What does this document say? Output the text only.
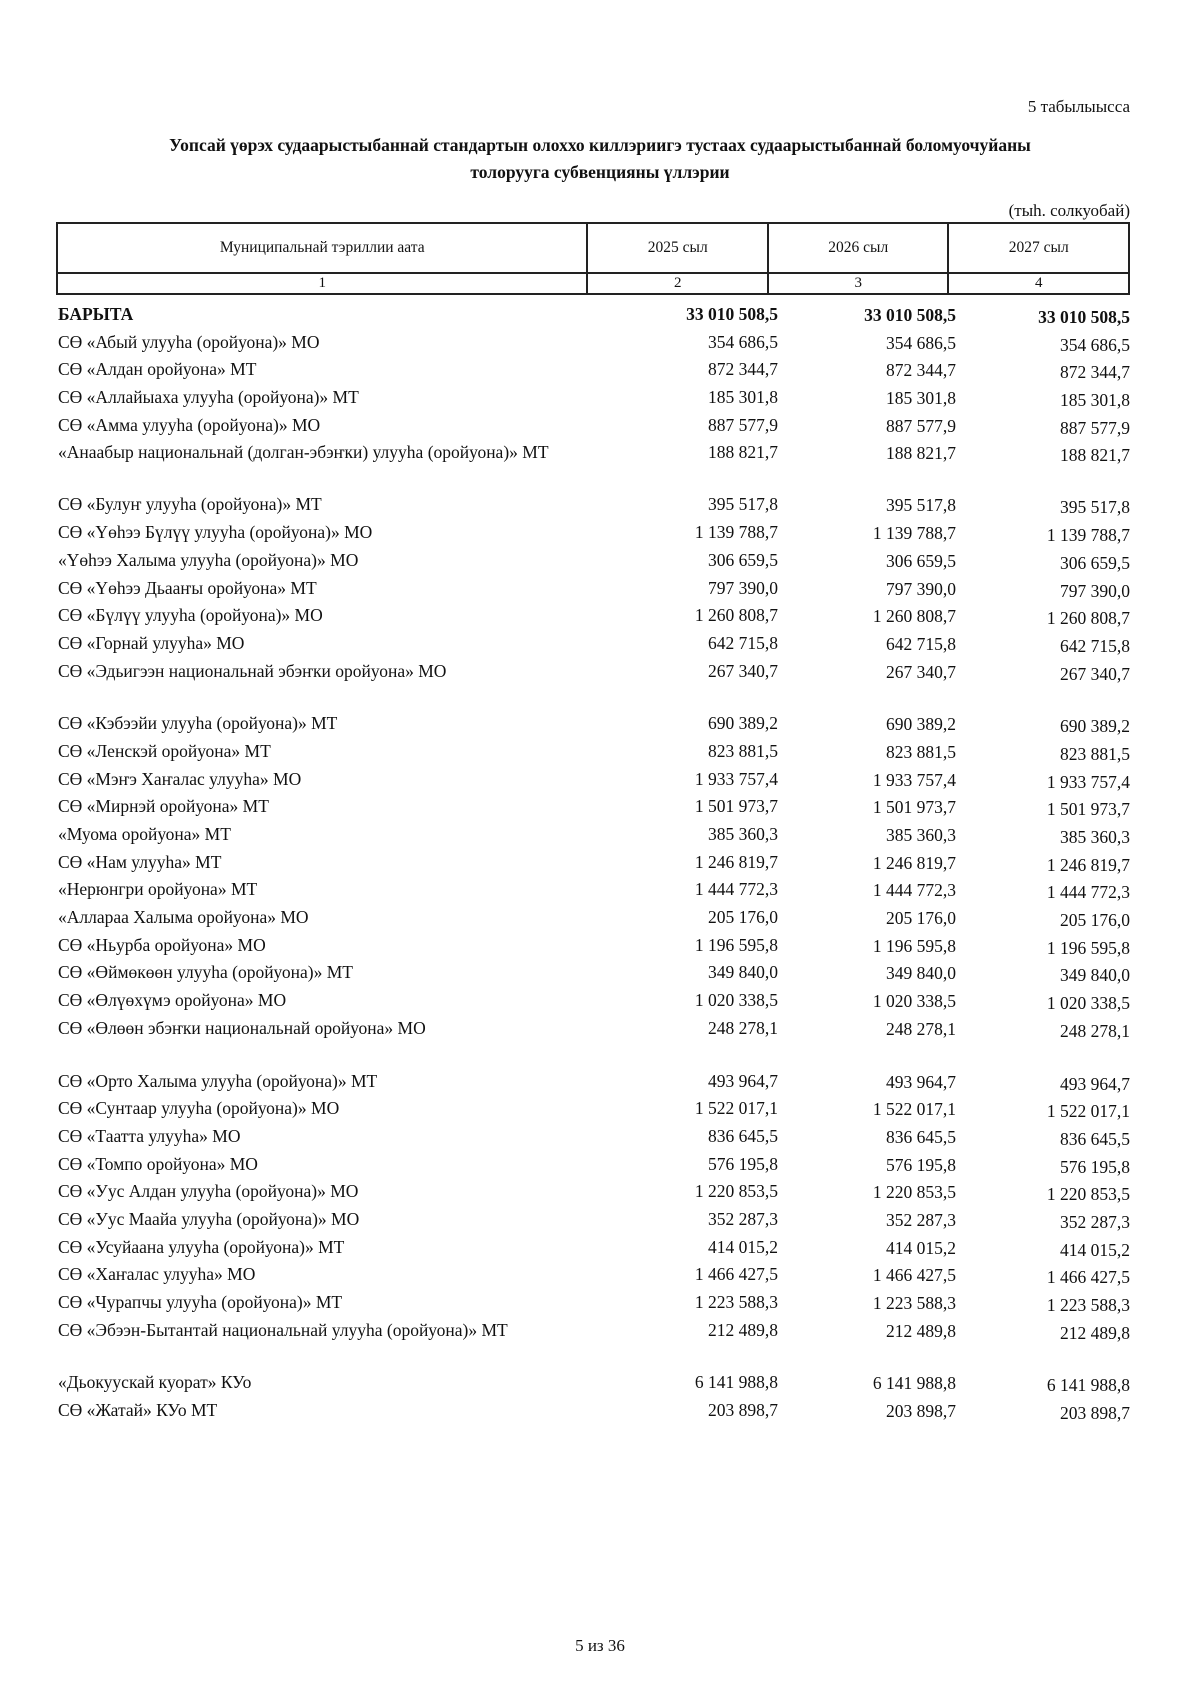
5 табылыысса
Уопсай үөрэх судаарыстыбаннай стандартын олоххо киллэриигэ тустаах судаарыстыбаннай боломуочуйаны
толорууга субвенцияны үллэрии
(тыһ. солкуобай)
Муниципальнай тэриллии аата	2025 сыл	2026 сыл	2027 сыл
1	2	3	4
БАРЫТА	33 010 508,5	33 010 508,5	33 010 508,5
СӨ «Абый улууһа (оройуона)» МО	354 686,5	354 686,5	354 686,5
СӨ «Алдан оройуона» МТ	872 344,7	872 344,7	872 344,7
СӨ «Аллайыаха улууһа (оройуона)» МТ	185 301,8	185 301,8	185 301,8
СӨ «Амма улууһа (оройуона)» МО	887 577,9	887 577,9	887 577,9
«Анаабыр национальнай (долган-эбэҥки) улууһа (оройуона)» МТ	188 821,7	188 821,7	188 821,7
СӨ «Булуҥ улууһа (оройуона)» МТ	395 517,8	395 517,8	395 517,8
СӨ «Үөһээ Бүлүү улууһа (оройуона)» МО	1 139 788,7	1 139 788,7	1 139 788,7
«Үөһээ Халыма улууһа (оройуона)» МО	306 659,5	306 659,5	306 659,5
СӨ «Үөһээ Дьааҥы оройуона» МТ	797 390,0	797 390,0	797 390,0
СӨ «Бүлүү улууһа (оройуона)» МО	1 260 808,7	1 260 808,7	1 260 808,7
СӨ «Горнай улууһа» МО	642 715,8	642 715,8	642 715,8
СӨ «Эдьигээн национальнай эбэҥки оройуона» МО	267 340,7	267 340,7	267 340,7
СӨ «Кэбээйи улууһа (оройуона)» МТ	690 389,2	690 389,2	690 389,2
СӨ «Ленскэй оройуона» МТ	823 881,5	823 881,5	823 881,5
СӨ «Мэҥэ Хаҥалас улууһа» МО	1 933 757,4	1 933 757,4	1 933 757,4
СӨ «Мирнэй оройуона» МТ	1 501 973,7	1 501 973,7	1 501 973,7
«Муома оройуона» МТ	385 360,3	385 360,3	385 360,3
СӨ «Нам улууһа» МТ	1 246 819,7	1 246 819,7	1 246 819,7
«Нерюнгри оройуона» МТ	1 444 772,3	1 444 772,3	1 444 772,3
«Аллараа Халыма оройуона» МО	205 176,0	205 176,0	205 176,0
СӨ «Ньурба оройуона» МО	1 196 595,8	1 196 595,8	1 196 595,8
СӨ «Өймөкөөн улууһа (оройуона)» МТ	349 840,0	349 840,0	349 840,0
СӨ «Өлүөхүмэ оройуона» МО	1 020 338,5	1 020 338,5	1 020 338,5
СӨ «Өлөөн эбэҥки национальнай оройуона» МО	248 278,1	248 278,1	248 278,1
СӨ «Орто Халыма улууһа (оройуона)» МТ	493 964,7	493 964,7	493 964,7
СӨ «Сунтаар улууһа (оройуона)» МО	1 522 017,1	1 522 017,1	1 522 017,1
СӨ «Таатта улууһа» МО	836 645,5	836 645,5	836 645,5
СӨ «Томпо оройуона» МО	576 195,8	576 195,8	576 195,8
СӨ «Уус Алдан улууһа (оройуона)» МО	1 220 853,5	1 220 853,5	1 220 853,5
СӨ «Уус Маайа улууһа (оройуона)» МО	352 287,3	352 287,3	352 287,3
СӨ «Усуйаана улууһа (оройуона)» МТ	414 015,2	414 015,2	414 015,2
СӨ «Хаҥалас улууһа» МО	1 466 427,5	1 466 427,5	1 466 427,5
СӨ «Чурапчы улууһа (оройуона)» МТ	1 223 588,3	1 223 588,3	1 223 588,3
СӨ «Эбээн-Бытантай национальнай улууһа (оройуона)» МТ	212 489,8	212 489,8	212 489,8
«Дьокуускай куорат» КУо	6 141 988,8	6 141 988,8	6 141 988,8
СӨ «Жатай» КУо МТ	203 898,7	203 898,7	203 898,7
5 из 36
